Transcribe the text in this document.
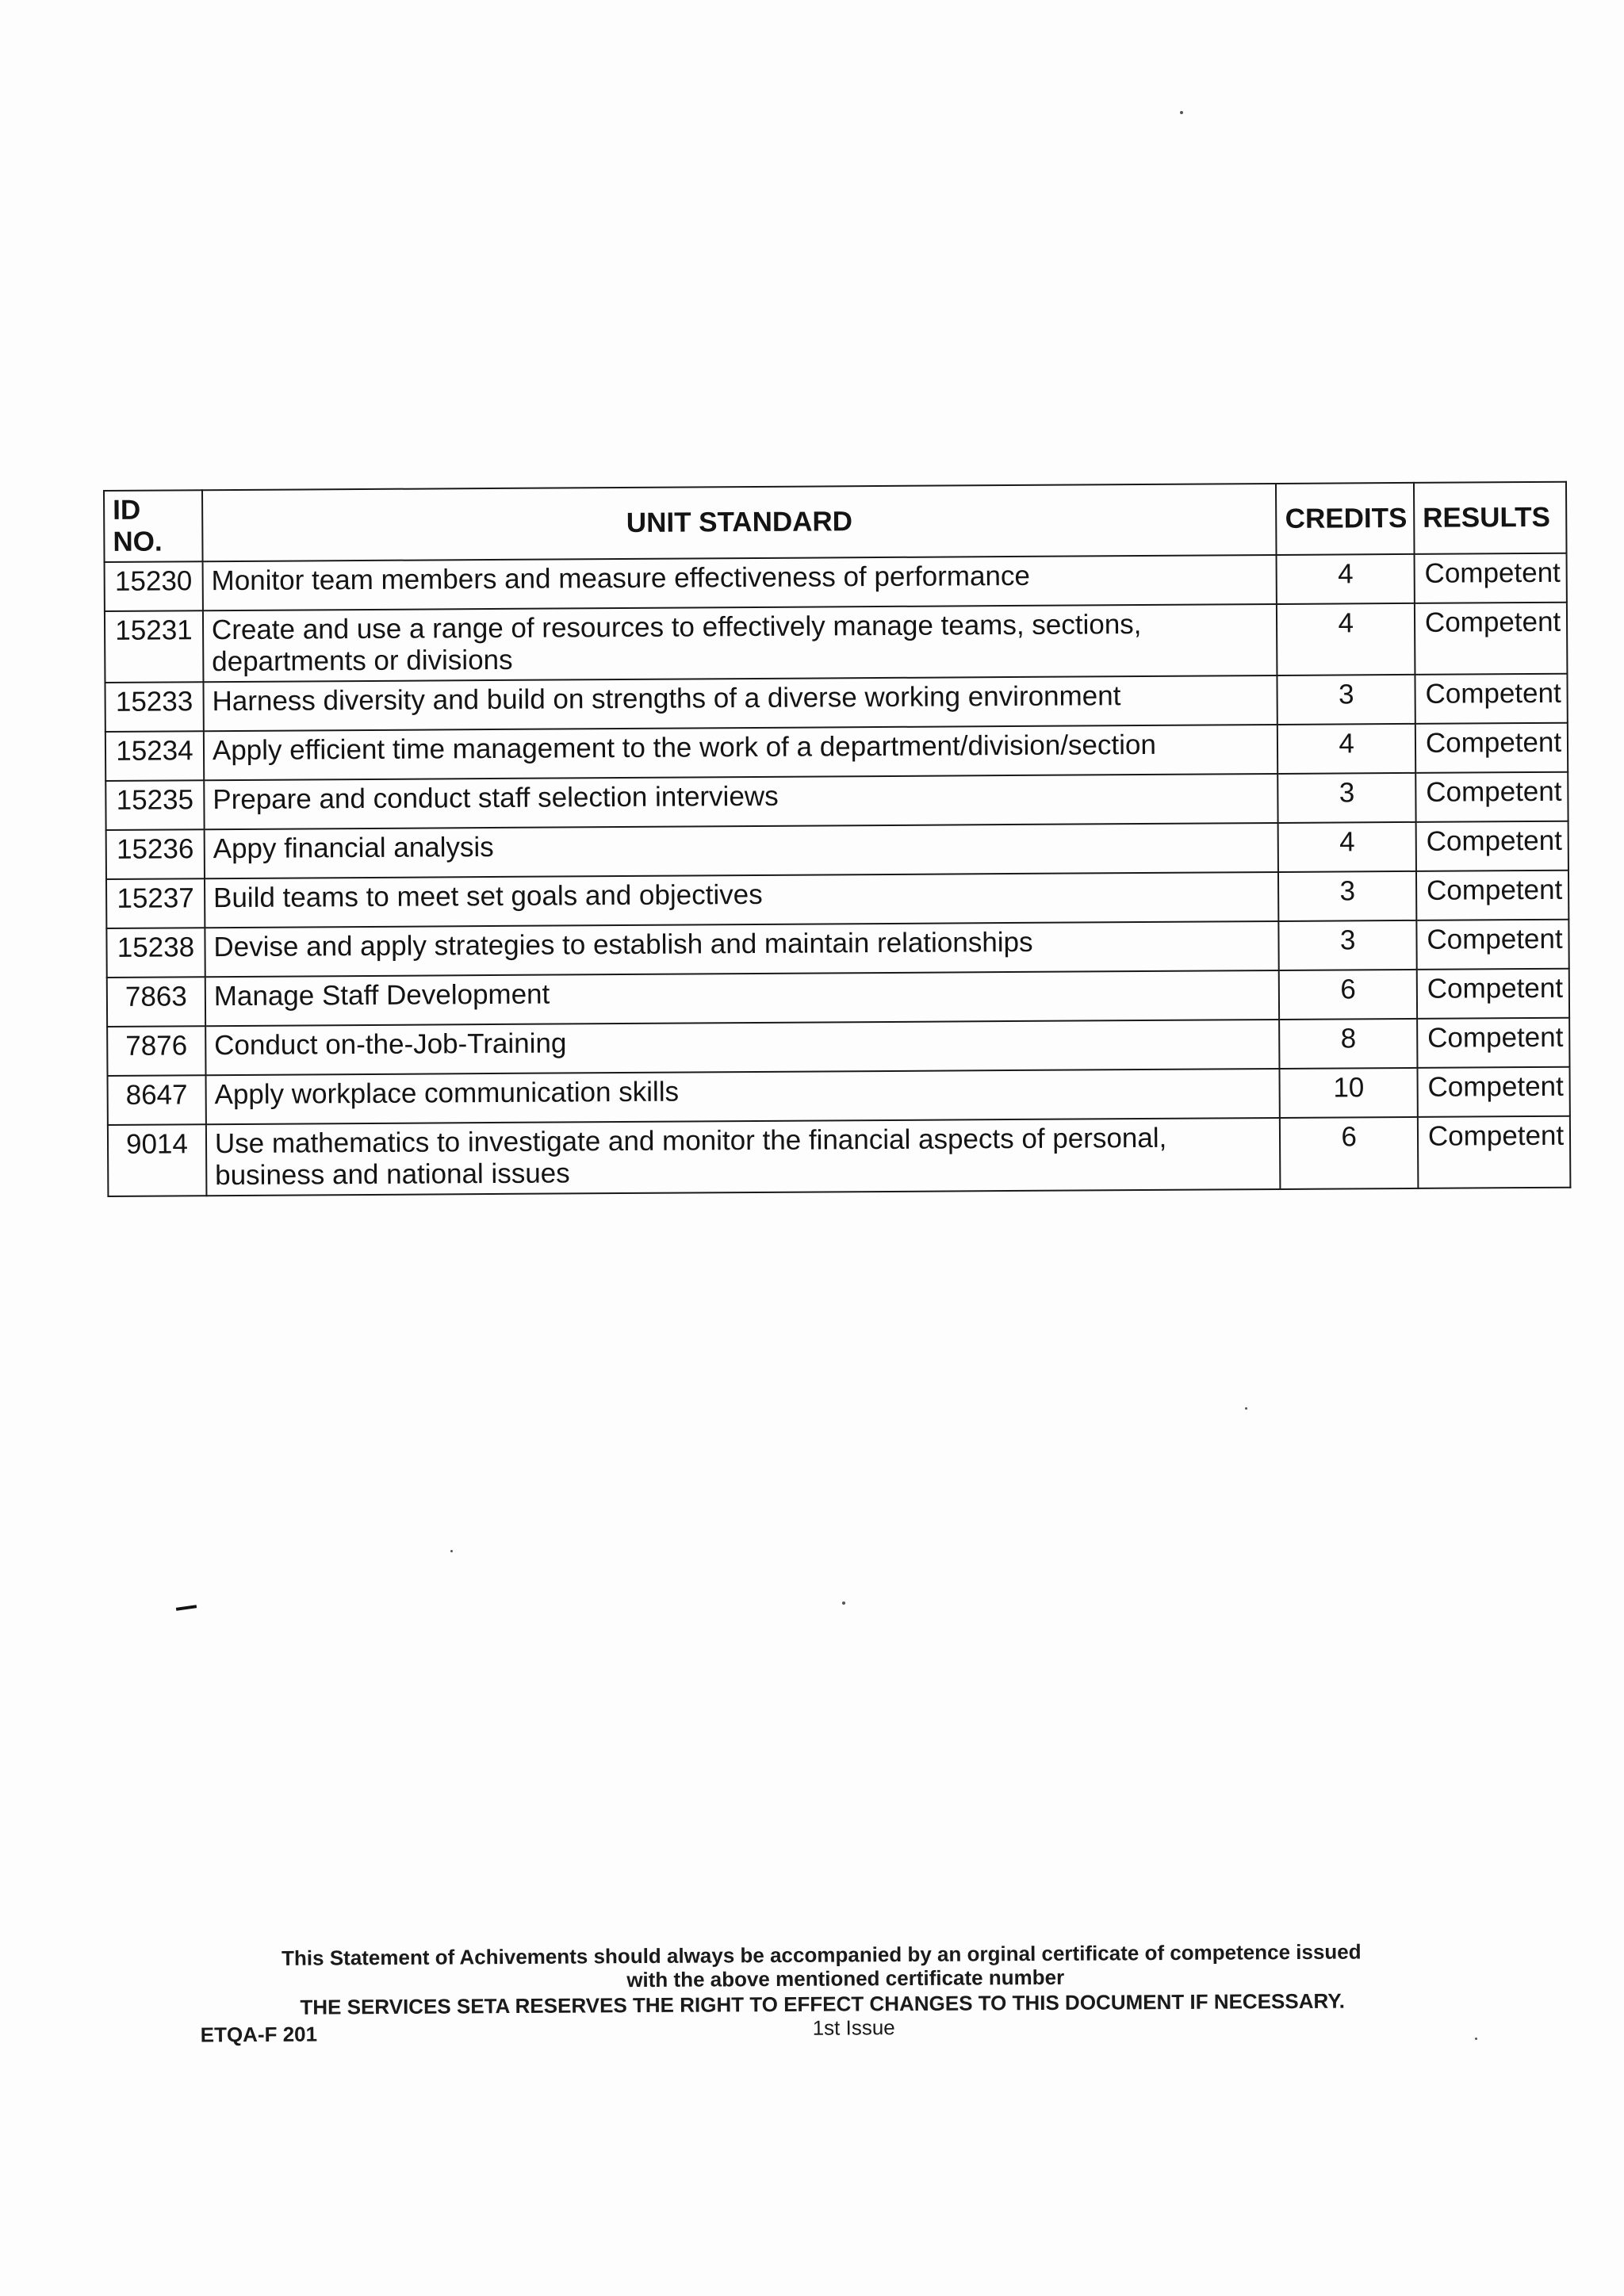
ID NO.	UNIT STANDARD	CREDITS	RESULTS
15230	Monitor team members and measure effectiveness of performance	4	Competent
15231	Create and use a range of resources to effectively manage teams, sections, departments or divisions	4	Competent
15233	Harness diversity and build on strengths of a diverse working environment	3	Competent
15234	Apply efficient time management to the work of a department/division/section	4	Competent
15235	Prepare and conduct staff selection interviews	3	Competent
15236	Appy financial analysis	4	Competent
15237	Build teams to meet set goals and objectives	3	Competent
15238	Devise and apply strategies to establish and maintain relationships	3	Competent
7863	Manage Staff Development	6	Competent
7876	Conduct on-the-Job-Training	8	Competent
8647	Apply workplace communication skills	10	Competent
9014	Use mathematics to investigate and monitor the financial aspects of personal, business and national issues	6	Competent
This Statement of Achivements should always be accompanied by an orginal certificate of competence issued
with the above mentioned certificate number
THE SERVICES SETA RESERVES THE RIGHT TO EFFECT CHANGES TO THIS DOCUMENT IF NECESSARY.
ETQA-F 201	1st Issue
